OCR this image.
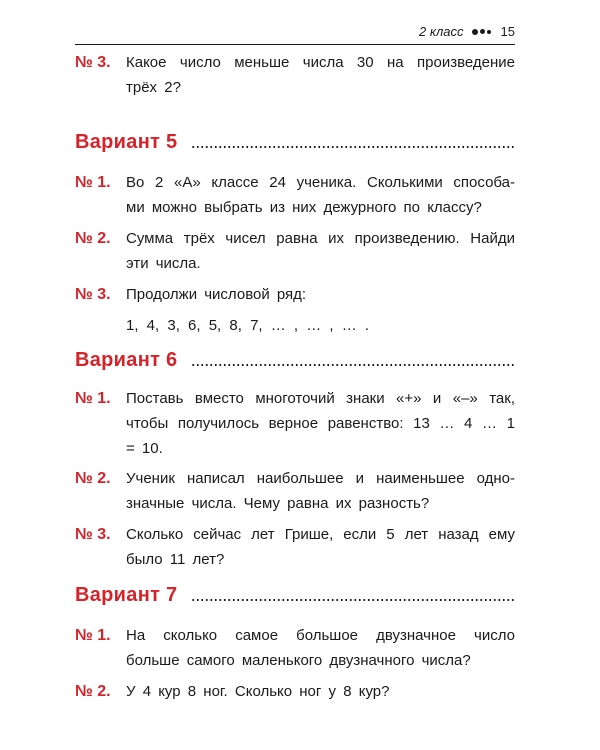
2 класс	15
№ 3. Какое число меньше числа 30 на произведение
трёх 2?
Вариант 5
№ 1. Во 2 «А» классе 24 ученика. Сколькими способа-
ми можно выбрать из них дежурного по классу?
№ 2. Сумма трёх чисел равна их произведению. Найди
эти числа.
№ 3. Продолжи числовой ряд:
1, 4, 3, 6, 5, 8, 7, … , … , … .
Вариант 6
№ 1. Поставь вместо многоточий знаки «+» и «–» так,
чтобы получилось верное равенство: 13 … 4 … 1
= 10.
№ 2. Ученик написал наибольшее и наименьшее одно-
значные числа. Чему равна их разность?
№ 3. Сколько сейчас лет Грише, если 5 лет назад ему
было 11 лет?
Вариант 7
№ 1. На сколько самое большое двузначное число
больше самого маленького двузначного числа?
№ 2. У 4 кур 8 ног. Сколько ног у 8 кур?
